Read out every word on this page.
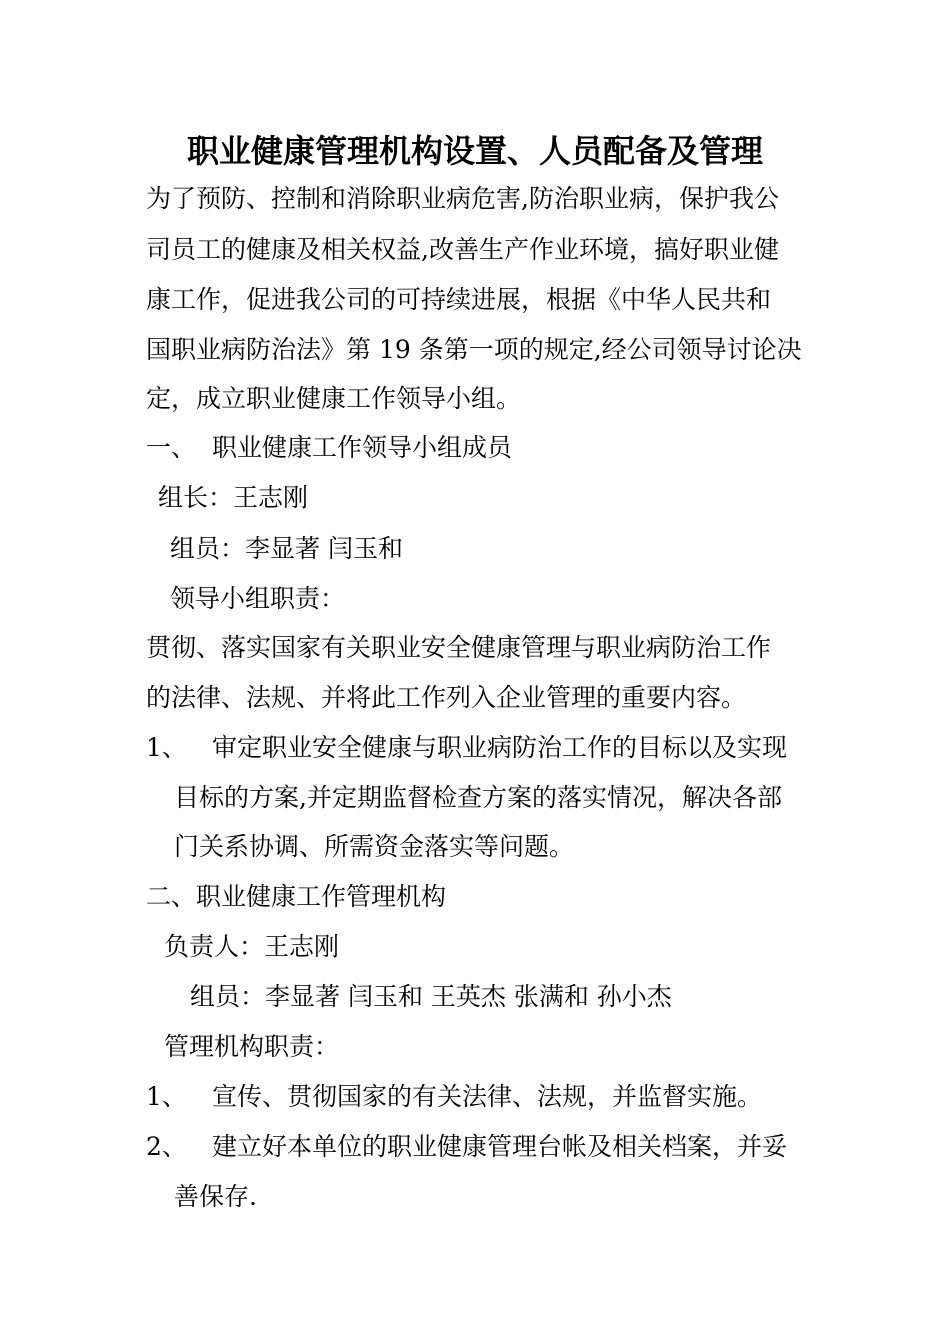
职业健康管理机构设置、人员配备及管理
为了预防、控制和消除职业病危害,防治职业病，保护我公
司员工的健康及相关权益,改善生产作业环境，搞好职业健
康工作，促进我公司的可持续进展，根据《中华人民共和
国职业病防治法》第 19 条第一项的规定,经公司领导讨论决
定，成立职业健康工作领导小组。
一、 职业健康工作领导小组成员
组长：王志刚
组员：李显著 闫玉和
领导小组职责：
贯彻、落实国家有关职业安全健康管理与职业病防治工作
的法律、法规、并将此工作列入企业管理的重要内容。
1、 审定职业安全健康与职业病防治工作的目标以及实现
目标的方案,并定期监督检查方案的落实情况，解决各部
门关系协调、所需资金落实等问题。
二、职业健康工作管理机构
负责人：王志刚
组员：李显著 闫玉和 王英杰 张满和 孙小杰
管理机构职责：
1、 宣传、贯彻国家的有关法律、法规，并监督实施。
2、 建立好本单位的职业健康管理台帐及相关档案，并妥
善保存.
